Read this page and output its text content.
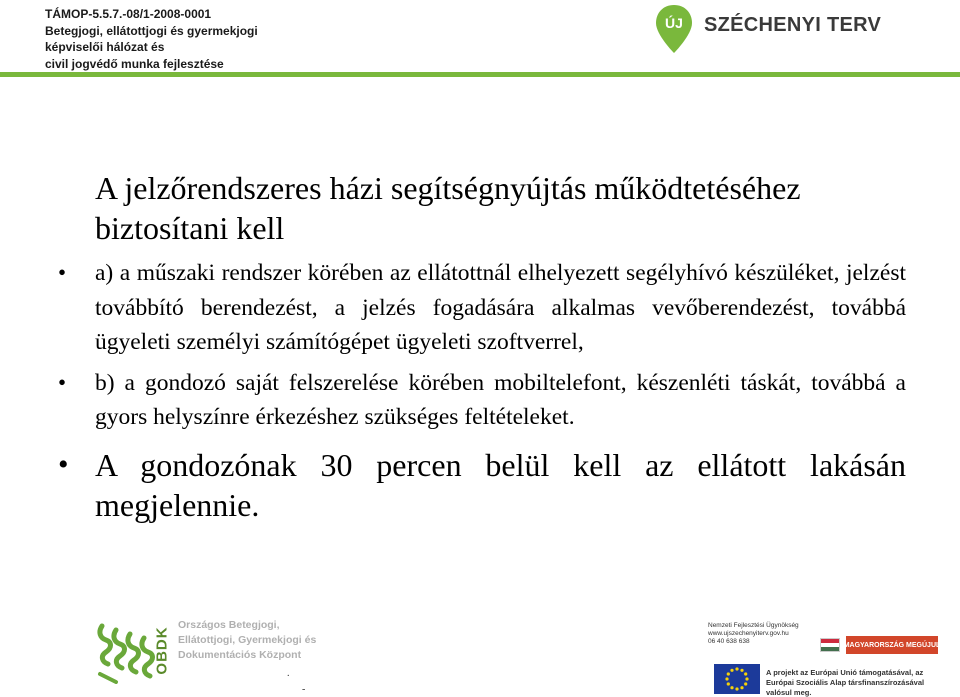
TÁMOP-5.5.7.-08/1-2008-0001
Betegjogi, ellátottjogi és gyermekjogi
képviselői hálózat és
civil jogvédő munka fejlesztése
ÚJ SZÉCHENYI TERV
A jelzőrendszeres házi segítségnyújtás működtetéséhez biztosítani kell
• a) a műszaki rendszer körében az ellátottnál elhelyezett segélyhívó készüléket, jelzést továbbító berendezést, a jelzés fogadására alkalmas vevőberendezést, továbbá ügyeleti személyi számítógépet ügyeleti szoftverrel,
• b) a gondozó saját felszerelése körében mobiltelefont, készenléti táskát, továbbá a gyors helyszínre érkezéshez szükséges feltételeket.
• A gondozónak 30 percen belül kell az ellátott lakásán megjelennie.
OBDK
Országos Betegjogi,
Ellátottjogi, Gyermekjogi és
Dokumentációs Központ
.
-
Nemzeti Fejlesztési Ügynökség
www.ujszechenyiterv.gov.hu
06 40 638 638	MAGYARORSZÁG MEGÚJUL
A projekt az Európai Unió támogatásával, az Európai Szociális Alap társfinanszírozásával valósul meg.
